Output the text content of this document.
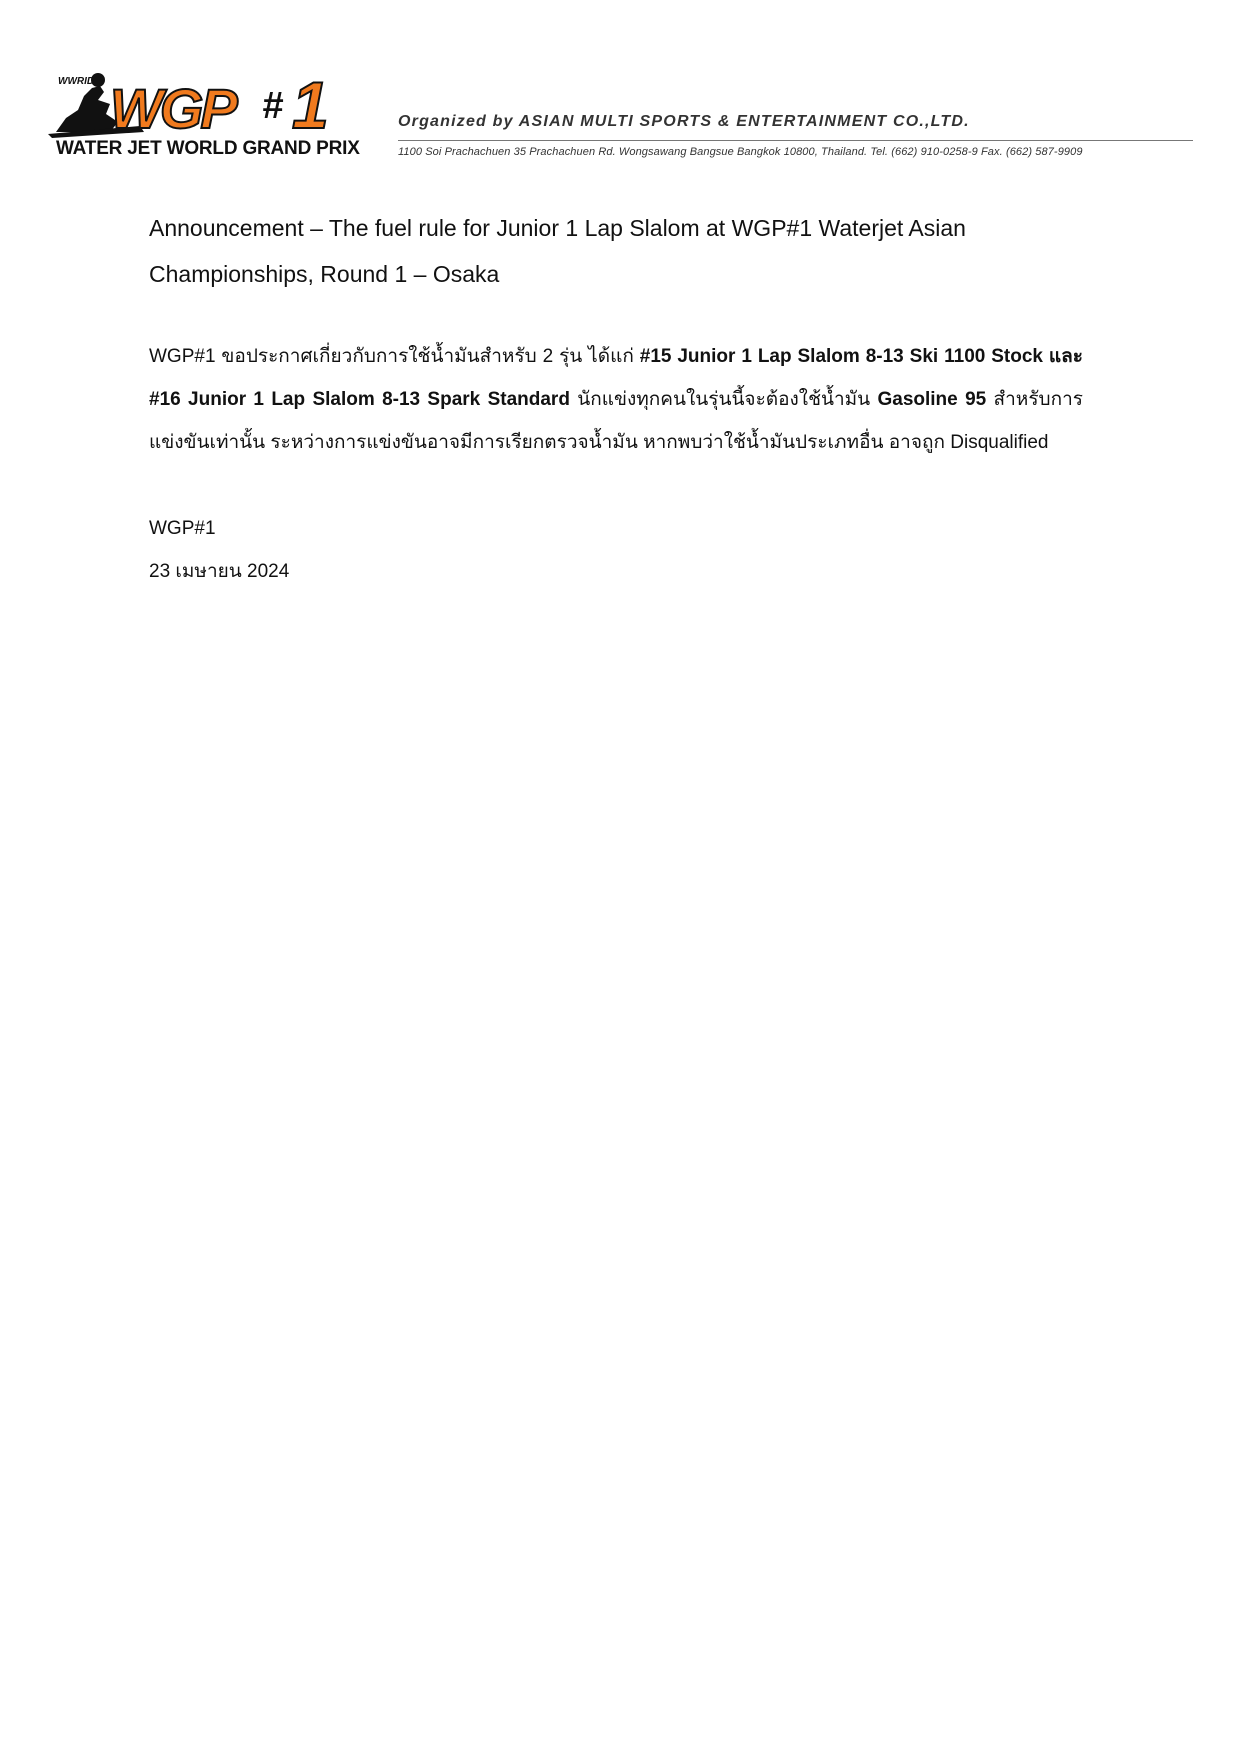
WGP # 1
WWRID
WATER JET WORLD GRAND PRIX
Organized by ASIAN MULTI SPORTS & ENTERTAINMENT CO.,LTD.
1100 Soi Prachachuen 35 Prachachuen Rd. Wongsawang Bangsue Bangkok 10800, Thailand. Tel. (662) 910-0258-9 Fax. (662) 587-9909
Announcement – The fuel rule for Junior 1 Lap Slalom at WGP#1 Waterjet Asian Championships, Round 1 – Osaka

WGP#1 ขอประกาศเกี่ยวกับการใช้น้ำมันสำหรับ 2 รุ่น ได้แก่ #15 Junior 1 Lap Slalom 8-13 Ski 1100 Stock และ #16 Junior 1 Lap Slalom 8-13 Spark Standard นักแข่งทุกคนในรุ่นนี้จะต้องใช้น้ำมัน Gasoline 95 สำหรับการแข่งขันเท่านั้น ระหว่างการแข่งขันอาจมีการเรียกตรวจน้ำมัน หากพบว่าใช้น้ำมันประเภทอื่น อาจถูก Disqualified

WGP#1
23 เมษายน 2024
